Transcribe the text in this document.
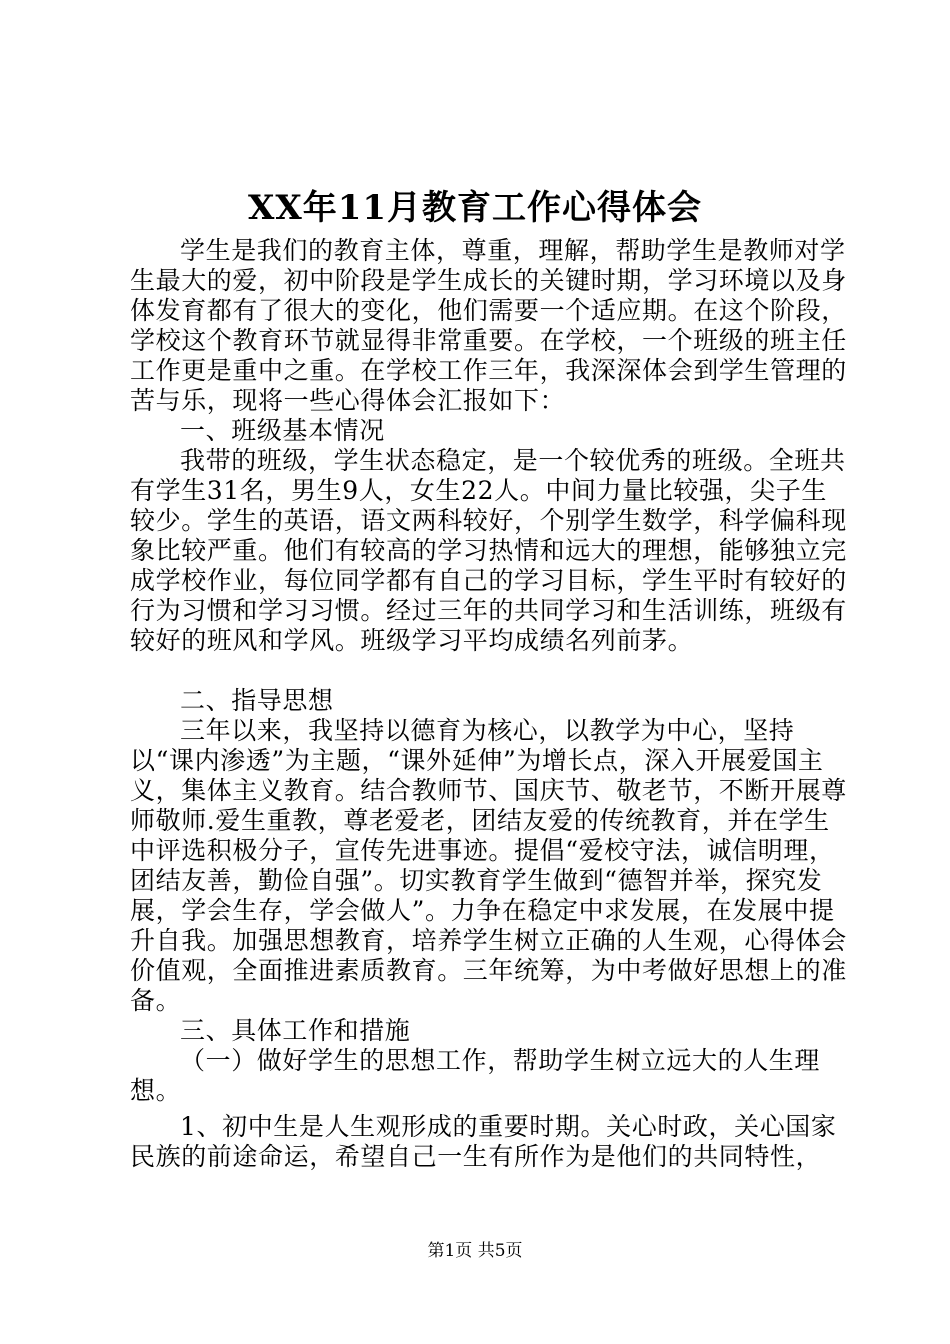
XX年11月教育工作心得体会

学生是我们的教育主体，尊重，理解，帮助学生是教师对学生最大的爱，初中阶段是学生成长的关键时期，学习环境以及身体发育都有了很大的变化，他们需要一个适应期。在这个阶段，学校这个教育环节就显得非常重要。在学校，一个班级的班主任工作更是重中之重。在学校工作三年，我深深体会到学生管理的苦与乐，现将一些心得体会汇报如下：

一、班级基本情况

我带的班级，学生状态稳定，是一个较优秀的班级。全班共有学生31名，男生9人，女生22人。中间力量比较强，尖子生较少。学生的英语，语文两科较好，个别学生数学，科学偏科现象比较严重。他们有较高的学习热情和远大的理想，能够独立完成学校作业，每位同学都有自己的学习目标，学生平时有较好的行为习惯和学习习惯。经过三年的共同学习和生活训练，班级有较好的班风和学风。班级学习平均成绩名列前茅。

二、指导思想

三年以来，我坚持以德育为核心，以教学为中心，坚持以“课内渗透”为主题，“课外延伸”为增长点，深入开展爱国主义，集体主义教育。结合教师节、国庆节、敬老节，不断开展尊师敬师.爱生重教，尊老爱老，团结友爱的传统教育，并在学生中评选积极分子，宣传先进事迹。提倡“爱校守法，诚信明理，团结友善，勤俭自强”。切实教育学生做到“德智并举，探究发展，学会生存，学会做人”。力争在稳定中求发展，在发展中提升自我。加强思想教育，培养学生树立正确的人生观，心得体会价值观，全面推进素质教育。三年统筹，为中考做好思想上的准备。

三、具体工作和措施

（一）做好学生的思想工作，帮助学生树立远大的人生理想。

1、初中生是人生观形成的重要时期。关心时政，关心国家民族的前途命运，希望自己一生有所作为是他们的共同特性，

第1页 共5页
